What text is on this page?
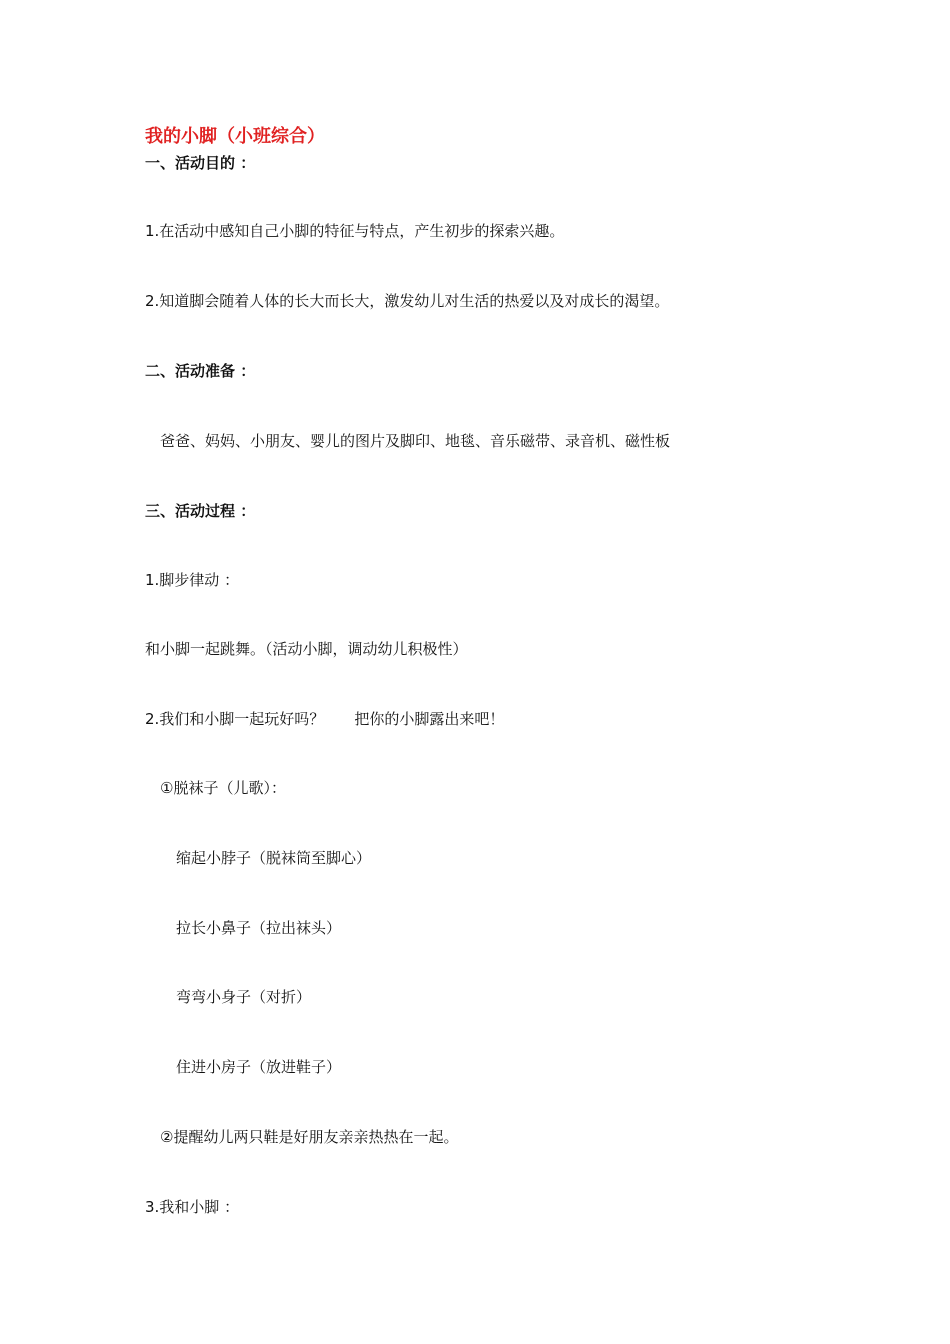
我的小脚（小班综合）
一、活动目的 ：
1.在活动中感知自己小脚的特征与特点，产生初步的探索兴趣。
2.知道脚会随着人体的长大而长大，激发幼儿对生活的热爱以及对成长的渴望。
二、活动准备 ：
爸爸、妈妈、小朋友、婴儿的图片及脚印、地毯、音乐磁带、录音机、磁性板
三、活动过程 ：
1.脚步律动 ：
和小脚一起跳舞。（活动小脚，调动幼儿积极性）
2.我们和小脚一起玩好吗？　　把你的小脚露出来吧！
①脱袜子（儿歌）：
缩起小脖子（脱袜筒至脚心）
拉长小鼻子（拉出袜头）
弯弯小身子（对折）
住进小房子（放进鞋子）
②提醒幼儿两只鞋是好朋友亲亲热热在一起。
3.我和小脚 ：
